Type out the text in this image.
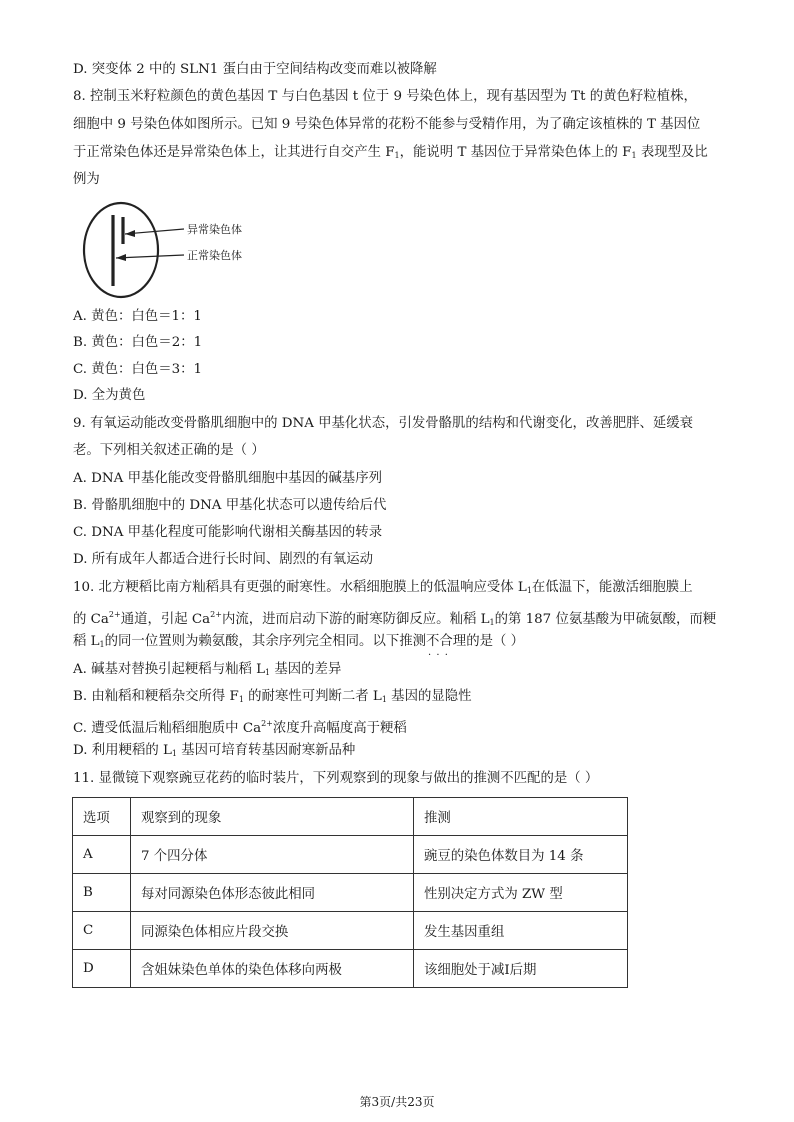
D. 突变体 2 中的 SLN1 蛋白由于空间结构改变而难以被降解
8. 控制玉米籽粒颜色的黄色基因 T 与白色基因 t 位于 9 号染色体上，现有基因型为 Tt 的黄色籽粒植株，
细胞中 9 号染色体如图所示。已知 9 号染色体异常的花粉不能参与受精作用，为了确定该植株的 T 基因位
于正常染色体还是异常染色体上，让其进行自交产生 $F_1$，能说明 T 基因位于异常染色体上的 $F_1$ 表现型及比
例为
异常染色体
正常染色体
A. 黄色：白色＝1：1
B. 黄色：白色＝2：1
C. 黄色：白色＝3：1
D. 全为黄色
9. 有氧运动能改变骨骼肌细胞中的 DNA 甲基化状态，引发骨骼肌的结构和代谢变化，改善肥胖、延缓衰
老。下列相关叙述正确的是（ ）
A. DNA 甲基化能改变骨骼肌细胞中基因的碱基序列
B. 骨骼肌细胞中的 DNA 甲基化状态可以遗传给后代
C. DNA 甲基化程度可能影响代谢相关酶基因的转录
D. 所有成年人都适合进行长时间、剧烈的有氧运动
10. 北方粳稻比南方籼稻具有更强的耐寒性。水稻细胞膜上的低温响应受体 $L_1$在低温下，能激活细胞膜上
的 $Ca^{2+}$通道，引起 $Ca^{2+}$内流，进而启动下游的耐寒防御反应。籼稻 $L_1$的第 187 位氨基酸为甲硫氨酸，而粳
稻 $L_1$的同一位置则为赖氨酸，其余序列完全相同。以下推测不合理 · · ·的是（ ）
A. 碱基对替换引起粳稻与籼稻 $L_1$ 基因的差异
B. 由籼稻和粳稻杂交所得 $F_1$ 的耐寒性可判断二者 $L_1$ 基因的显隐性
C. 遭受低温后籼稻细胞质中 $Ca^{2+}$浓度升高幅度高于粳稻
D. 利用粳稻的 $L_1$ 基因可培育转基因耐寒新品种
11. 显微镜下观察豌豆花药的临时装片，下列观察到的现象与做出的推测不匹配的是（ ）
选项	观察到的现象	推测
A	7 个四分体	豌豆的染色体数目为 14 条
B	每对同源染色体形态彼此相同	性别决定方式为 ZW 型
C	同源染色体相应片段交换	发生基因重组
D	含姐妹染色单体的染色体移向两极	该细胞处于减Ⅰ后期
第3页/共23页
